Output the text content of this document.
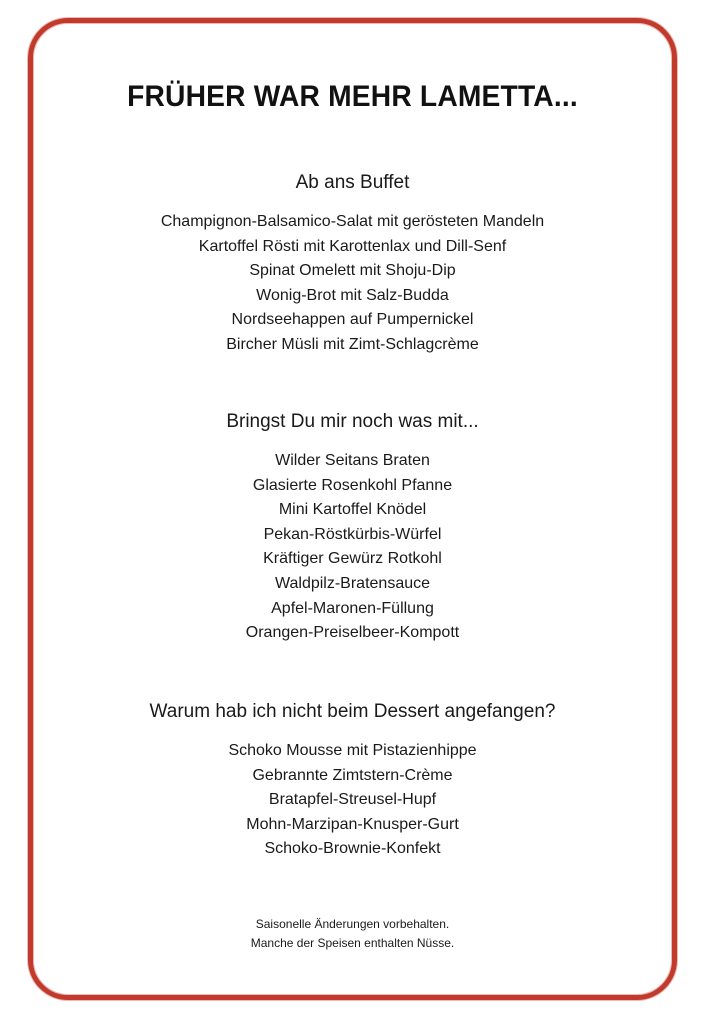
FRÜHER WAR MEHR LAMETTA...
Ab ans Buffet
Champignon-Balsamico-Salat mit gerösteten Mandeln
Kartoffel Rösti mit Karottenlax und Dill-Senf
Spinat Omelett mit Shoju-Dip
Wonig-Brot mit Salz-Budda
Nordseehappen auf Pumpernickel
Bircher Müsli mit Zimt-Schlagcrème
Bringst Du mir noch was mit...
Wilder Seitans Braten
Glasierte Rosenkohl Pfanne
Mini Kartoffel Knödel
Pekan-Röstkürbis-Würfel
Kräftiger Gewürz Rotkohl
Waldpilz-Bratensauce
Apfel-Maronen-Füllung
Orangen-Preiselbeer-Kompott
Warum hab ich nicht beim Dessert angefangen?
Schoko Mousse mit Pistazienhippe
Gebrannte Zimtstern-Crème
Bratapfel-Streusel-Hupf
Mohn-Marzipan-Knusper-Gurt
Schoko-Brownie-Konfekt
Saisonelle Änderungen vorbehalten.
Manche der Speisen enthalten Nüsse.
